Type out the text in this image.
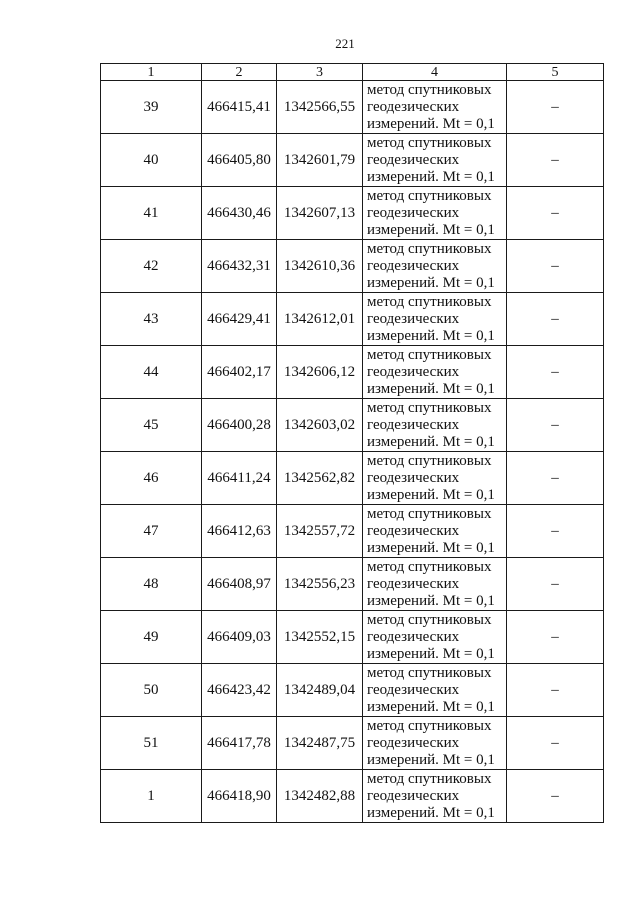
221
1	2	3	4	5
39	466415,41	1342566,55	метод спутниковых геодезических измерений. Mt = 0,1	–
40	466405,80	1342601,79	метод спутниковых геодезических измерений. Mt = 0,1	–
41	466430,46	1342607,13	метод спутниковых геодезических измерений. Mt = 0,1	–
42	466432,31	1342610,36	метод спутниковых геодезических измерений. Mt = 0,1	–
43	466429,41	1342612,01	метод спутниковых геодезических измерений. Mt = 0,1	–
44	466402,17	1342606,12	метод спутниковых геодезических измерений. Mt = 0,1	–
45	466400,28	1342603,02	метод спутниковых геодезических измерений. Mt = 0,1	–
46	466411,24	1342562,82	метод спутниковых геодезических измерений. Mt = 0,1	–
47	466412,63	1342557,72	метод спутниковых геодезических измерений. Mt = 0,1	–
48	466408,97	1342556,23	метод спутниковых геодезических измерений. Mt = 0,1	–
49	466409,03	1342552,15	метод спутниковых геодезических измерений. Mt = 0,1	–
50	466423,42	1342489,04	метод спутниковых геодезических измерений. Mt = 0,1	–
51	466417,78	1342487,75	метод спутниковых геодезических измерений. Mt = 0,1	–
1	466418,90	1342482,88	метод спутниковых геодезических измерений. Mt = 0,1	–
